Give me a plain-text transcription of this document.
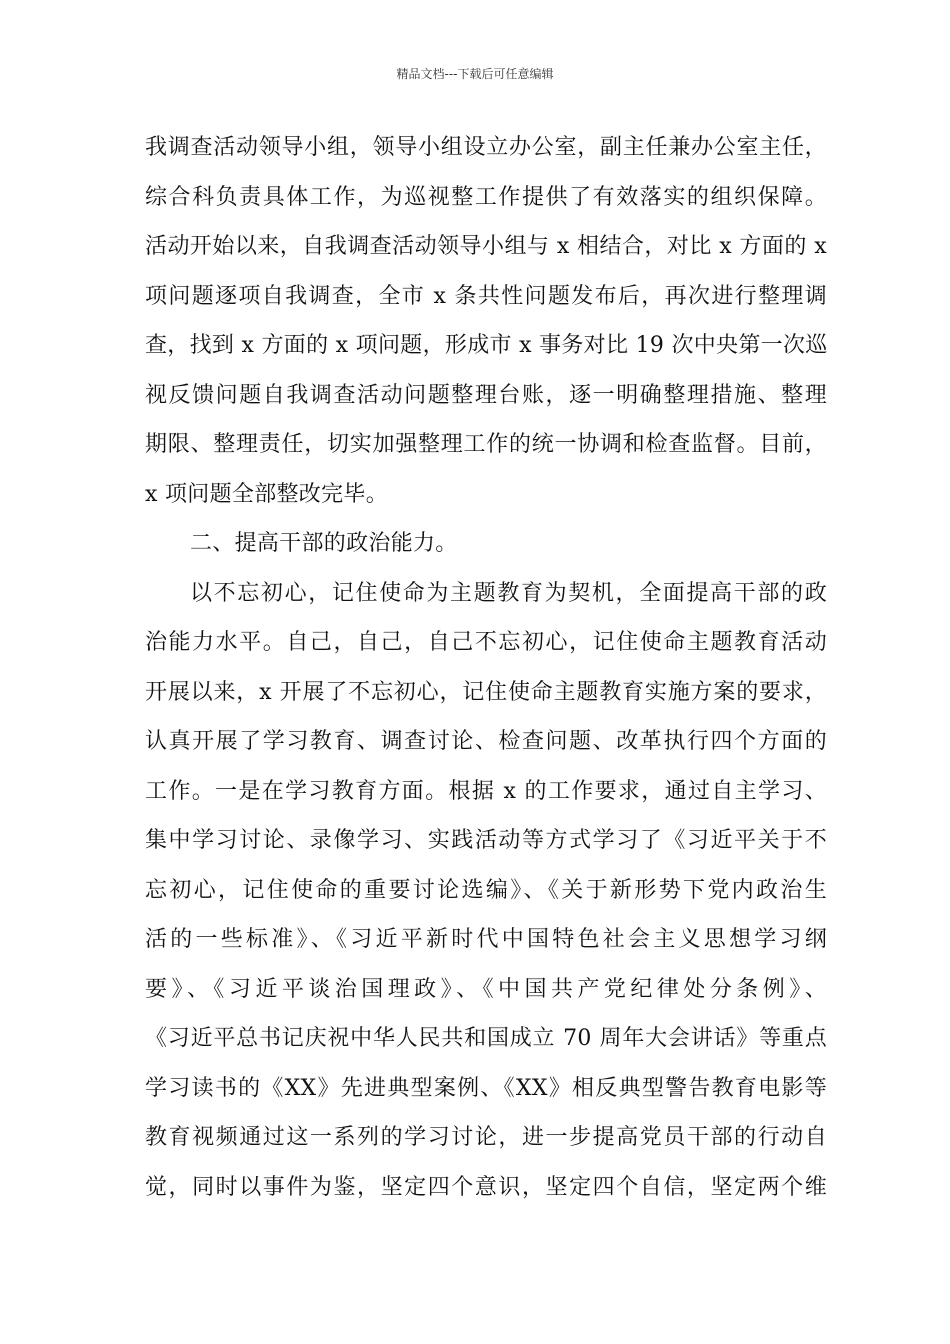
精品文档---下载后可任意编辑
我调查活动领导小组，领导小组设立办公室，副主任兼办公室主任，
综合科负责具体工作，为巡视整工作提供了有效落实的组织保障。
活动开始以来，自我调查活动领导小组与 x 相结合，对比 x 方面的 x
项问题逐项自我调查，全市 x 条共性问题发布后，再次进行整理调
查，找到 x 方面的 x 项问题，形成市 x 事务对比 19 次中央第一次巡
视反馈问题自我调查活动问题整理台账，逐一明确整理措施、整理
期限、整理责任，切实加强整理工作的统一协调和检查监督。目前，
x 项问题全部整改完毕。
二、提高干部的政治能力。
以不忘初心，记住使命为主题教育为契机，全面提高干部的政
治能力水平。自己，自己，自己不忘初心，记住使命主题教育活动
开展以来，x 开展了不忘初心，记住使命主题教育实施方案的要求，
认真开展了学习教育、调查讨论、检查问题、改革执行四个方面的
工作。一是在学习教育方面。根据 x 的工作要求，通过自主学习、
集中学习讨论、录像学习、实践活动等方式学习了《习近平关于不
忘初心，记住使命的重要讨论选编》、《关于新形势下党内政治生
活的一些标准》、《习近平新时代中国特色社会主义思想学习纲
要》、《习近平谈治国理政》、《中国共产党纪律处分条例》、
《习近平总书记庆祝中华人民共和国成立 70 周年大会讲话》等重点
学习读书的《XX》先进典型案例、《XX》相反典型警告教育电影等
教育视频通过这一系列的学习讨论，进一步提高党员干部的行动自
觉，同时以事件为鉴，坚定四个意识，坚定四个自信，坚定两个维
